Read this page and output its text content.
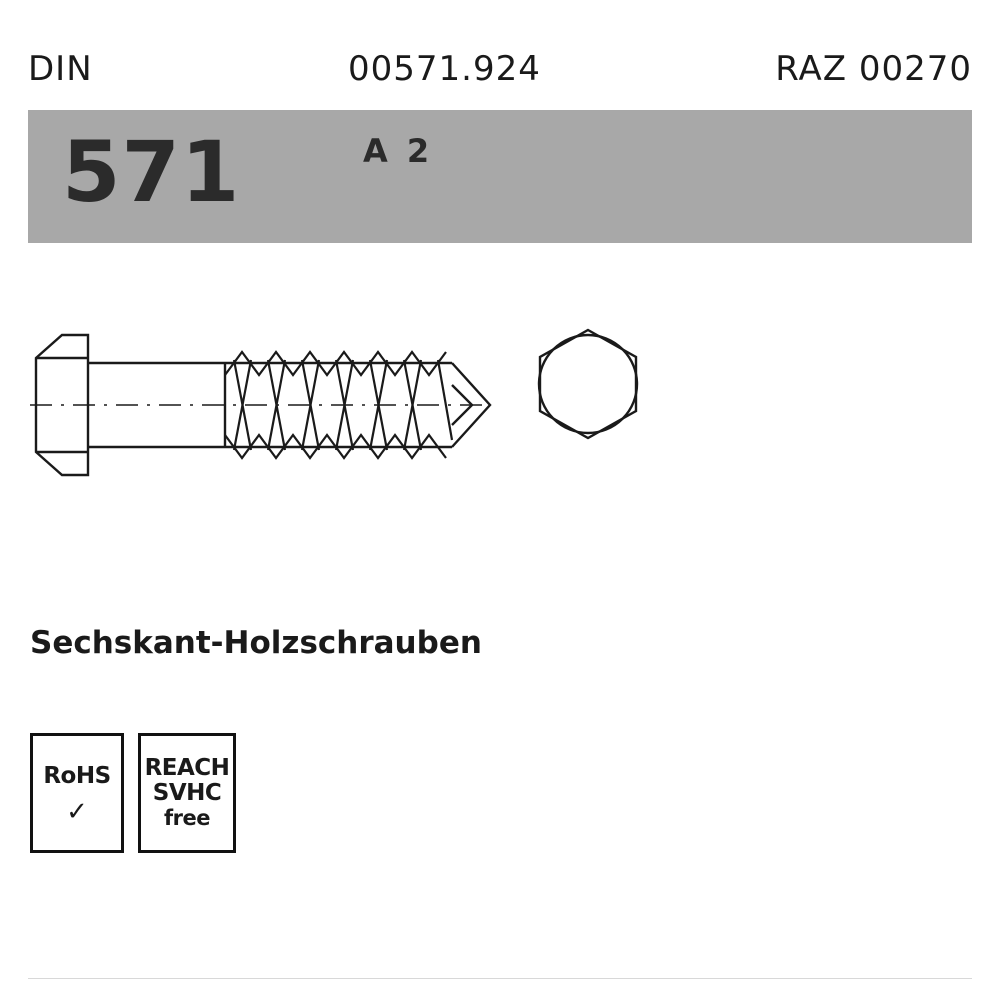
DIN	00571.924	RAZ 00270
571	A 2
Sechskant-Holzschrauben
RoHS
✓
REACH
SVHC
free
